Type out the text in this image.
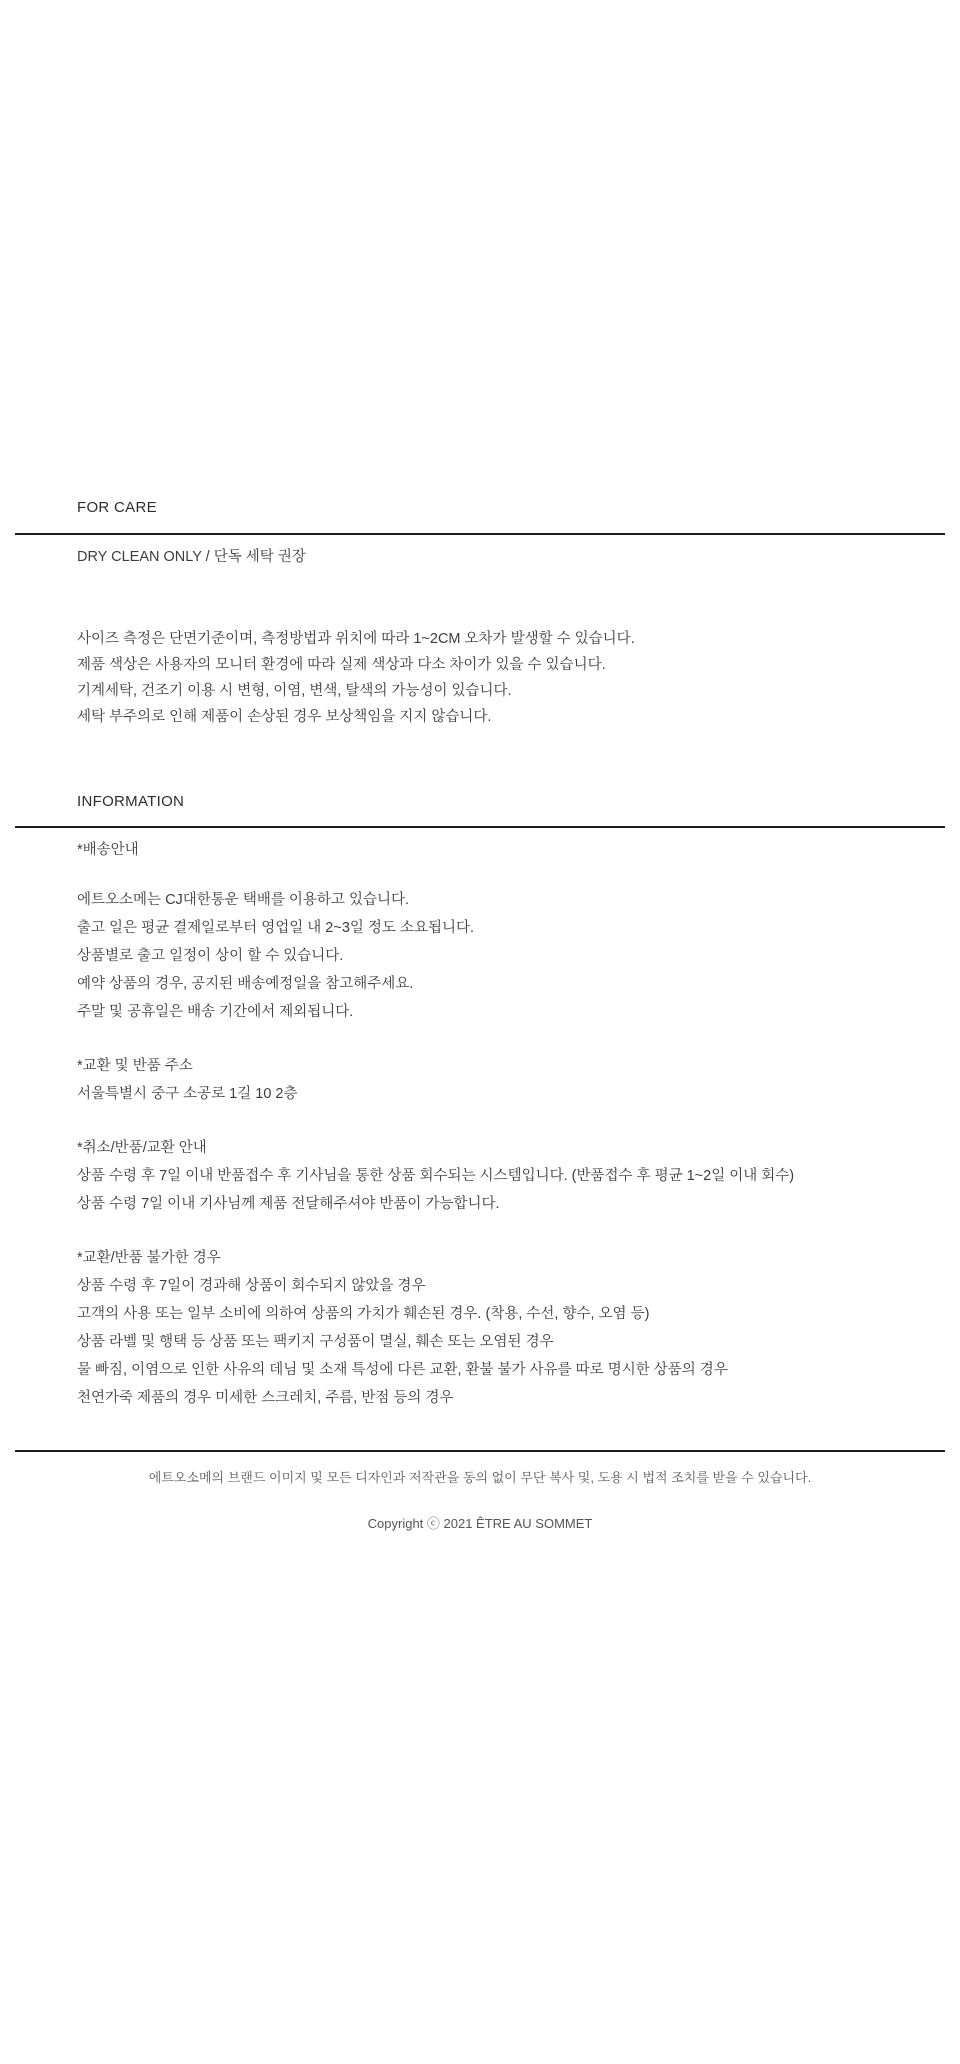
FOR CARE

DRY CLEAN ONLY / 단독 세탁 권장

사이즈 측정은 단면기준이며, 측정방법과 위치에 따라 1~2CM 오차가 발생할 수 있습니다.
제품 색상은 사용자의 모니터 환경에 따라 실제 색상과 다소 차이가 있을 수 있습니다.
기계세탁, 건조기 이용 시 변형, 이염, 변색, 탈색의 가능성이 있습니다.
세탁 부주의로 인해 제품이 손상된 경우 보상책임을 지지 않습니다.
INFORMATION
*배송안내
에트오소메는 CJ대한통운 택배를 이용하고 있습니다.
출고 일은 평균 결제일로부터 영업일 내 2~3일 정도 소요됩니다.
상품별로 출고 일정이 상이 할 수 있습니다.
예약 상품의 경우, 공지된 배송예정일을 참고해주세요.
주말 및 공휴일은 배송 기간에서 제외됩니다.
*교환 및 반품 주소
서울특별시 중구 소공로 1길 10 2층
*취소/반품/교환 안내
상품 수령 후 7일 이내 반품접수 후 기사님을 통한 상품 회수되는 시스템입니다. (반품접수 후 평균 1~2일 이내 회수)
상품 수령 7일 이내 기사님께 제품 전달해주셔야 반품이 가능합니다.
*교환/반품 불가한 경우
상품 수령 후 7일이 경과해 상품이 회수되지 않았을 경우
고객의 사용 또는 일부 소비에 의하여 상품의 가치가 훼손된 경우. (착용, 수선, 향수, 오염 등)
상품 라벨 및 행택 등 상품 또는 팩키지 구성품이 멸실, 훼손 또는 오염된 경우
물 빠짐, 이염으로 인한 사유의 데님 및 소재 특성에 다른 교환, 환불 불가 사유를 따로 명시한 상품의 경우
천연가죽 제품의 경우 미세한 스크레치, 주름, 반점 등의 경우

에트오소메의 브랜드 이미지 및 모든 디자인과 저작관을 동의 없이 무단 복사 및, 도용 시 법적 조치를 받을 수 있습니다.

Copyright ⓒ 2021 ÊTRE AU SOMMET
